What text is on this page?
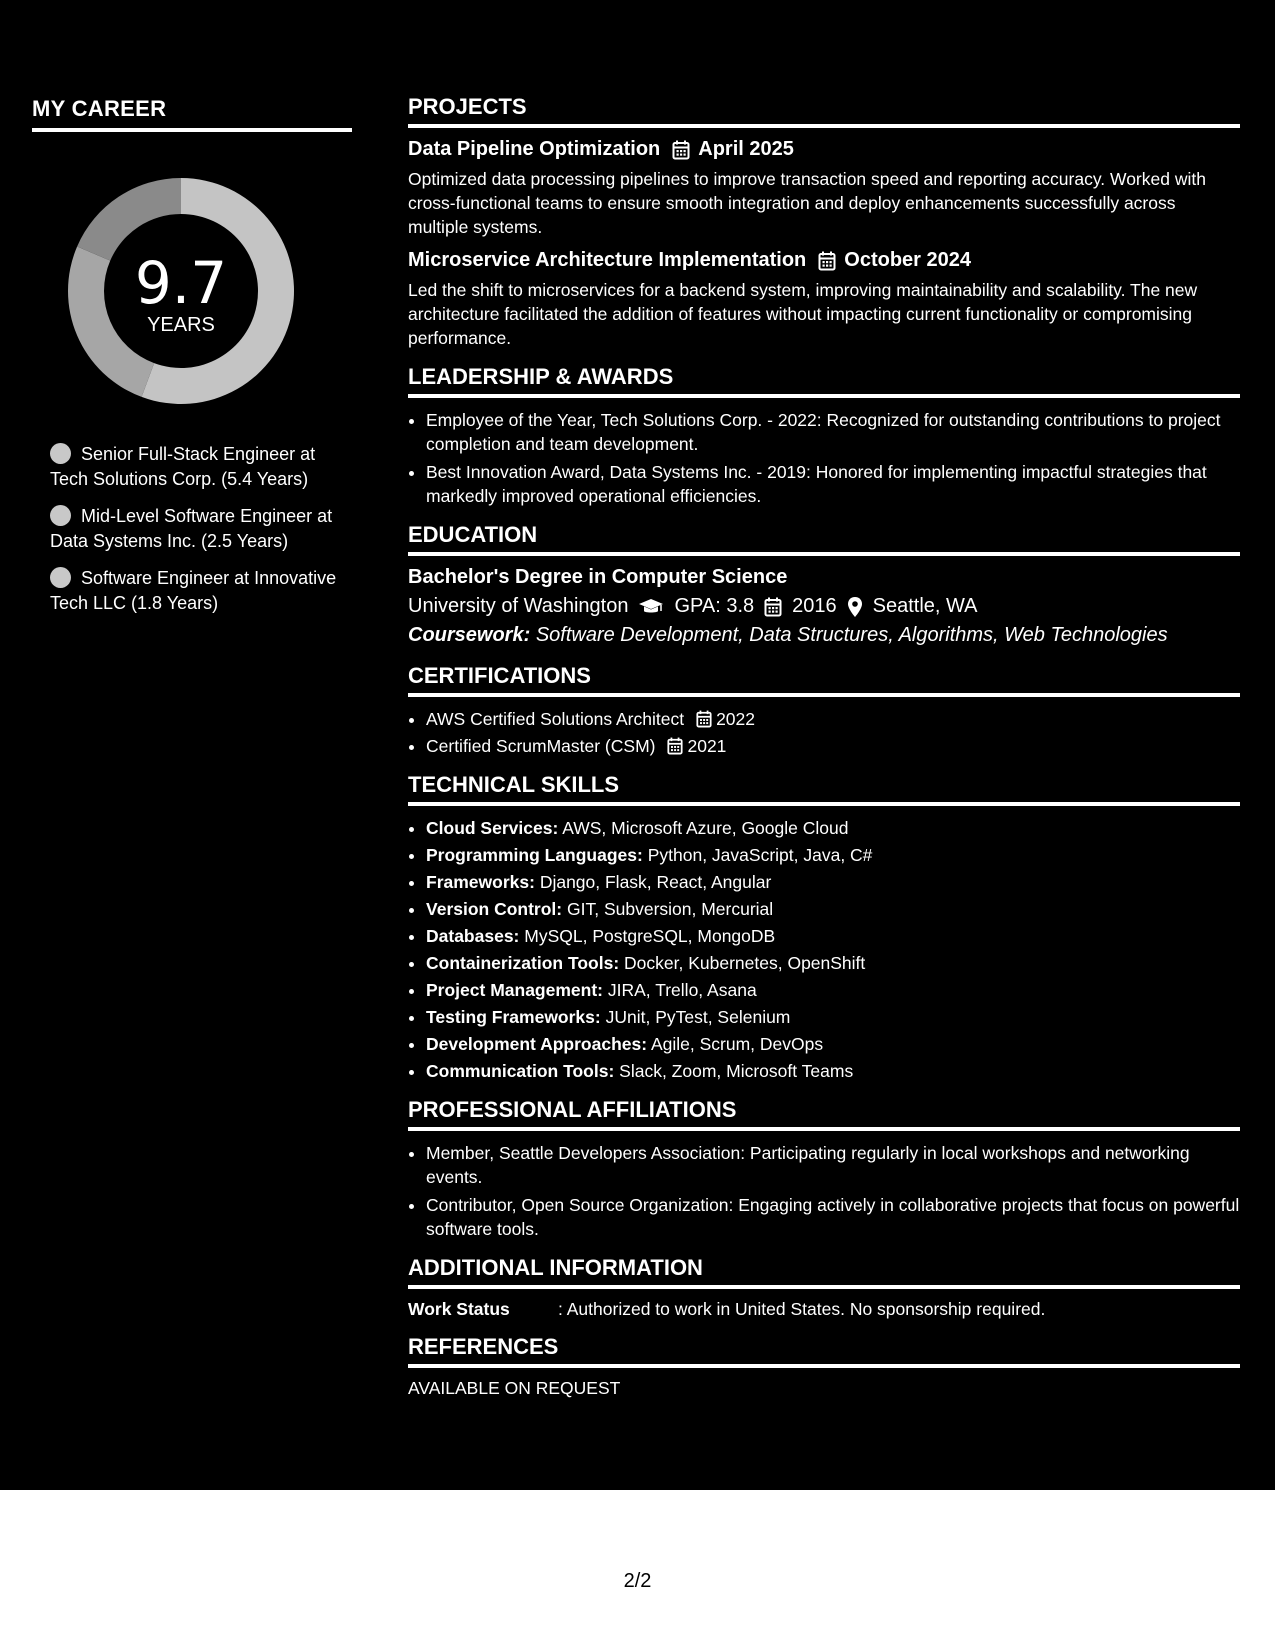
MY CAREER
9.7
YEARS
Senior Full-Stack Engineer at Tech Solutions Corp. (5.4 Years)
Mid-Level Software Engineer at Data Systems Inc. (2.5 Years)
Software Engineer at Innovative Tech LLC (1.8 Years)
PROJECTS
Data Pipeline Optimization April 2025
Optimized data processing pipelines to improve transaction speed and reporting accuracy. Worked with cross-functional teams to ensure smooth integration and deploy enhancements successfully across multiple systems.
Microservice Architecture Implementation October 2024
Led the shift to microservices for a backend system, improving maintainability and scalability. The new architecture facilitated the addition of features without impacting current functionality or compromising performance.
LEADERSHIP & AWARDS
• Employee of the Year, Tech Solutions Corp. - 2022: Recognized for outstanding contributions to project completion and team development.
• Best Innovation Award, Data Systems Inc. - 2019: Honored for implementing impactful strategies that markedly improved operational efficiencies.
EDUCATION
Bachelor's Degree in Computer Science
University of Washington GPA: 3.8 2016 Seattle, WA
Coursework: Software Development, Data Structures, Algorithms, Web Technologies
CERTIFICATIONS
• AWS Certified Solutions Architect 2022
• Certified ScrumMaster (CSM) 2021
TECHNICAL SKILLS
• Cloud Services: AWS, Microsoft Azure, Google Cloud
• Programming Languages: Python, JavaScript, Java, C#
• Frameworks: Django, Flask, React, Angular
• Version Control: GIT, Subversion, Mercurial
• Databases: MySQL, PostgreSQL, MongoDB
• Containerization Tools: Docker, Kubernetes, OpenShift
• Project Management: JIRA, Trello, Asana
• Testing Frameworks: JUnit, PyTest, Selenium
• Development Approaches: Agile, Scrum, DevOps
• Communication Tools: Slack, Zoom, Microsoft Teams
PROFESSIONAL AFFILIATIONS
• Member, Seattle Developers Association: Participating regularly in local workshops and networking events.
• Contributor, Open Source Organization: Engaging actively in collaborative projects that focus on powerful software tools.
ADDITIONAL INFORMATION
Work Status	: Authorized to work in United States. No sponsorship required.
REFERENCES
AVAILABLE ON REQUEST
2/2
